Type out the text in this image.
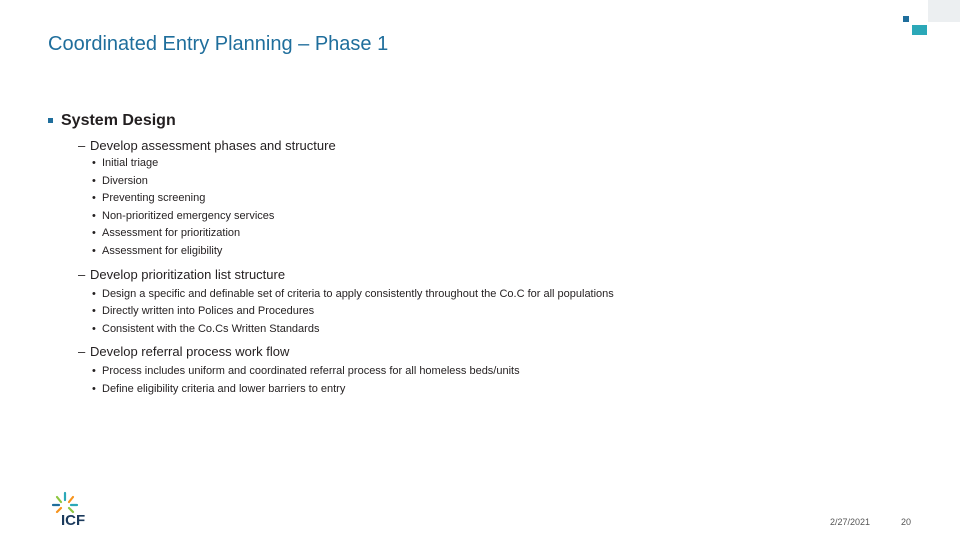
Coordinated Entry Planning – Phase 1
System Design
– Develop assessment phases and structure
• Initial triage
• Diversion
• Preventing screening
• Non-prioritized emergency services
• Assessment for prioritization
• Assessment for eligibility
– Develop prioritization list structure
• Design a specific and definable set of criteria to apply consistently throughout the Co.C for all populations
• Directly written into Polices and Procedures
• Consistent with the Co.Cs Written Standards
– Develop referral process work flow
• Process includes uniform and coordinated referral process for all homeless beds/units
• Define eligibility criteria and lower barriers to entry
ICF	2/27/2021	20
